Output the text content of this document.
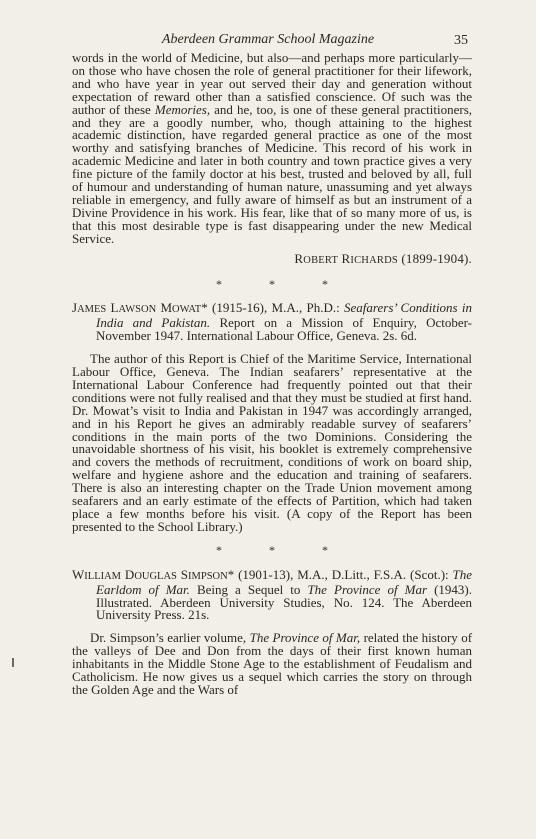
Aberdeen Grammar School Magazine	35

words in the world of Medicine, but also—and perhaps more particularly—on those who have chosen the role of general practitioner for their lifework, and who have year in year out served their day and generation without expectation of reward other than a satisfied conscience. Of such was the author of these Memories, and he, too, is one of these general practitioners, and they are a goodly number, who, though attaining to the highest academic distinction, have regarded general practice as one of the most worthy and satisfying branches of Medicine. This record of his work in academic Medicine and later in both country and town practice gives a very fine picture of the family doctor at his best, trusted and beloved by all, full of humour and understanding of human nature, unassuming and yet always reliable in emergency, and fully aware of himself as but an instrument of a Divine Providence in his work. His fear, like that of so many more of us, is that this most desirable type is fast disappearing under the new Medical Service.

ROBERT RICHARDS (1899-1904).

* * *

JAMES LAWSON MOWAT* (1915-16), M.A., Ph.D.: Seafarers’ Conditions in India and Pakistan. Report on a Mission of Enquiry, October-November 1947. International Labour Office, Geneva. 2s. 6d.

The author of this Report is Chief of the Maritime Service, International Labour Office, Geneva. The Indian seafarers’ representative at the International Labour Conference had frequently pointed out that their conditions were not fully realised and that they must be studied at first hand. Dr. Mowat’s visit to India and Pakistan in 1947 was accordingly arranged, and in his Report he gives an admirably readable survey of seafarers’ conditions in the main ports of the two Dominions. Considering the unavoidable shortness of his visit, his booklet is extremely comprehensive and covers the methods of recruitment, conditions of work on board ship, welfare and hygiene ashore and the education and training of seafarers. There is also an interesting chapter on the Trade Union movement among seafarers and an early estimate of the effects of Partition, which had taken place a few months before his visit. (A copy of the Report has been presented to the School Library.)

* * *

WILLIAM DOUGLAS SIMPSON* (1901-13), M.A., D.Litt., F.S.A. (Scot.): The Earldom of Mar. Being a Sequel to The Province of Mar (1943). Illustrated. Aberdeen University Studies, No. 124. The Aberdeen University Press. 21s.

Dr. Simpson’s earlier volume, The Province of Mar, related the history of the valleys of Dee and Don from the days of their first known human inhabitants in the Middle Stone Age to the establishment of Feudalism and Catholicism. He now gives us a sequel which carries the story on through the Golden Age and the Wars of
